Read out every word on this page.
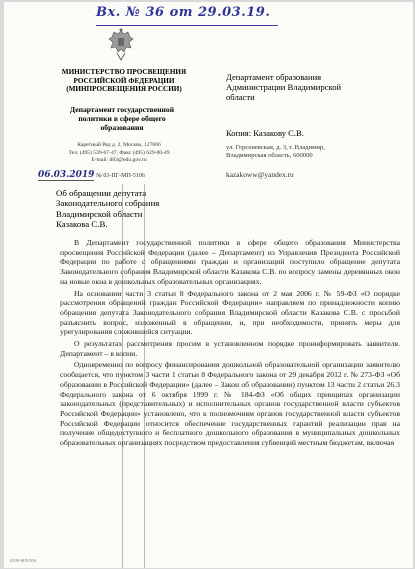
Вх. № 36 от 29.03.19.
МИНИСТЕРСТВО ПРОСВЕЩЕНИЯ
РОССИЙСКОЙ ФЕДЕРАЦИИ
(МИНПРОСВЕЩЕНИЯ РОССИИ)
Департамент государственной
политики в сфере общего
образования
Каретный Ряд д. 2, Москва, 127006
Тел. (495) 539-67-47, Факс (495) 629-00-49
E-mail: d03@edu.gov.ru
06.03.2019 № 03-ПГ-МП-5106
Департамент образования
Администрации Владимирской
области
Копия: Казакову С.В.
ул. Горсеневская, д. 3, г. Владимир,
Владимирская область, 600000
kazakoww@yandex.ru
Об обращении депутата
Законодательного собрания
Владимирской области
Казакова С.В.

В Департамент государственной политики в сфере общего образования Министерства просвещения Российской Федерации (далее – Департамент) из Управления Президента Российской Федерации по работе с обращениями граждан и организаций поступило обращение депутата Законодательного собрания Владимирской области Казакова С.В. по вопросу замены деревянных окон на новые окна в дошкольных образовательных организациях.

На основании части 3 статьи 8 Федерального закона от 2 мая 2006 г. № 59-ФЗ «О порядке рассмотрения обращений граждан Российской Федерации» направляем по принадлежности копию обращения депутата Законодательного собрания Владимирской области Казакова С.В. с просьбой разъяснить вопрос, изложенный в обращении, и, при необходимости, принять меры для урегулирования сложившейся ситуации.

О результатах рассмотрения просим в установленном порядке проинформировать заявителя. Департамент – в копии.

Одновременно по вопросу финансирования дошкольной образовательной организации заявителю сообщается, что пунктом 3 части 1 статьи 8 Федерального закона от 29 декабря 2012 г. № 273-ФЗ «Об образовании в Российской Федерации» (далее – Закон об образовании) пунктом 13 части 2 статьи 26.3 Федерального закона от 6 октября 1999 г. № 184-ФЗ «Об общих принципах организации законодательных (представительных) и исполнительных органов государственной власти субъектов Российской Федерации» установлено, что к полномочиям органов государственной власти субъектов Российской Федерации относится обеспечение государственных гарантий реализации прав на получение общедоступного и бесплатного дошкольного образования в муниципальных дошкольных образовательных организациях посредством предоставления субвенций местным бюджетам, включая

0100-МП-506
